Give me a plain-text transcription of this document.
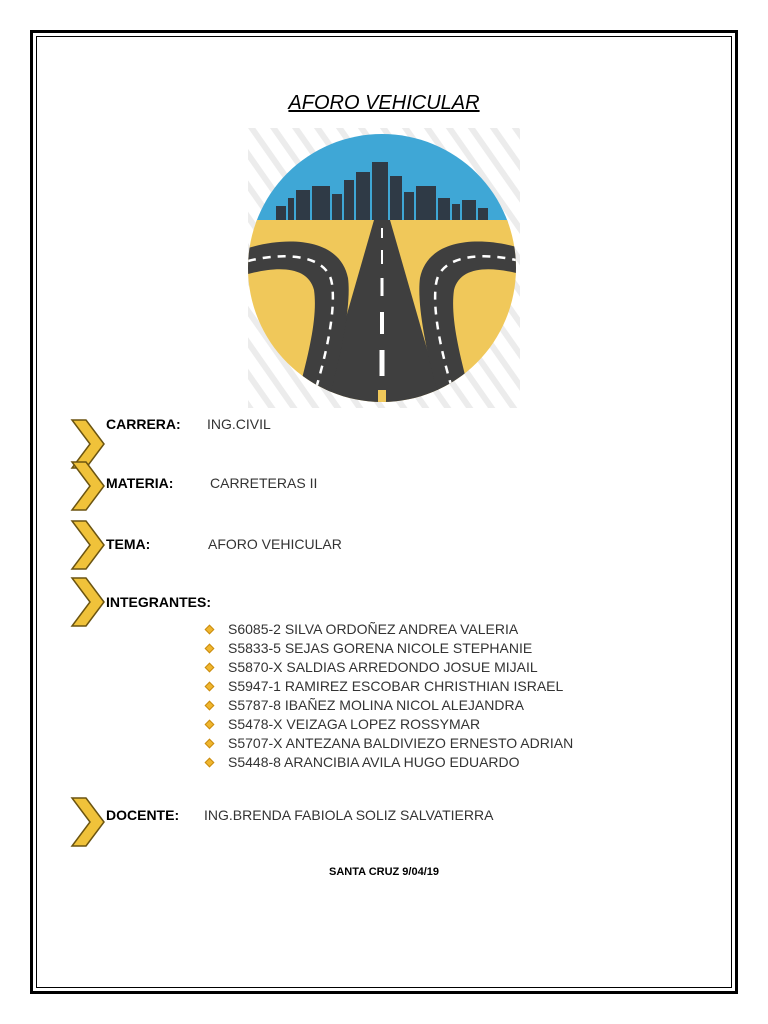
AFORO VEHICULAR
CARRERA: ING.CIVIL
MATERIA:	CARRETERAS II
TEMA:	AFORO VEHICULAR
INTEGRANTES:
S6085-2 SILVA ORDOÑEZ ANDREA VALERIA
S5833-5 SEJAS GORENA NICOLE STEPHANIE
S5870-X SALDIAS ARREDONDO JOSUE MIJAIL
S5947-1 RAMIREZ ESCOBAR CHRISTHIAN ISRAEL
S5787-8 IBAÑEZ MOLINA NICOL ALEJANDRA
S5478-X VEIZAGA LOPEZ ROSSYMAR
S5707-X ANTEZANA BALDIVIEZO ERNESTO ADRIAN
S5448-8 ARANCIBIA AVILA HUGO EDUARDO
DOCENTE: ING.BRENDA FABIOLA SOLIZ SALVATIERRA
SANTA CRUZ 9/04/19
